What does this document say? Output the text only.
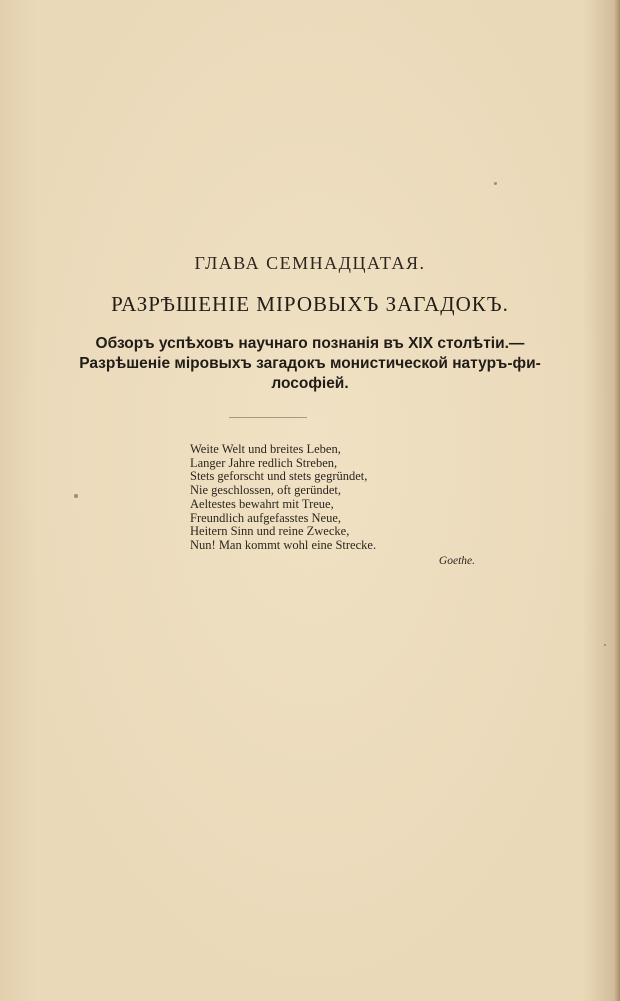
ГЛАВА СЕМНАДЦАТАЯ.
РАЗРѢШЕНІЕ МІРОВЫХЪ ЗАГАДОКЪ.
Обзоръ успѣховъ научнаго познанія въ XIX столѣтіи.—
Разрѣшеніе міровыхъ загадокъ монистической натуръ-фи-
лософіей.
Weite Welt und breites Leben,
Langer Jahre redlich Streben,
Stets geforscht und stets gegründet,
Nie geschlossen, oft geründet,
Aeltestes bewahrt mit Treue,
Freundlich aufgefasstes Neue,
Heitern Sinn und reine Zwecke,
Nun! Man kommt wohl eine Strecke.
Goethe.
